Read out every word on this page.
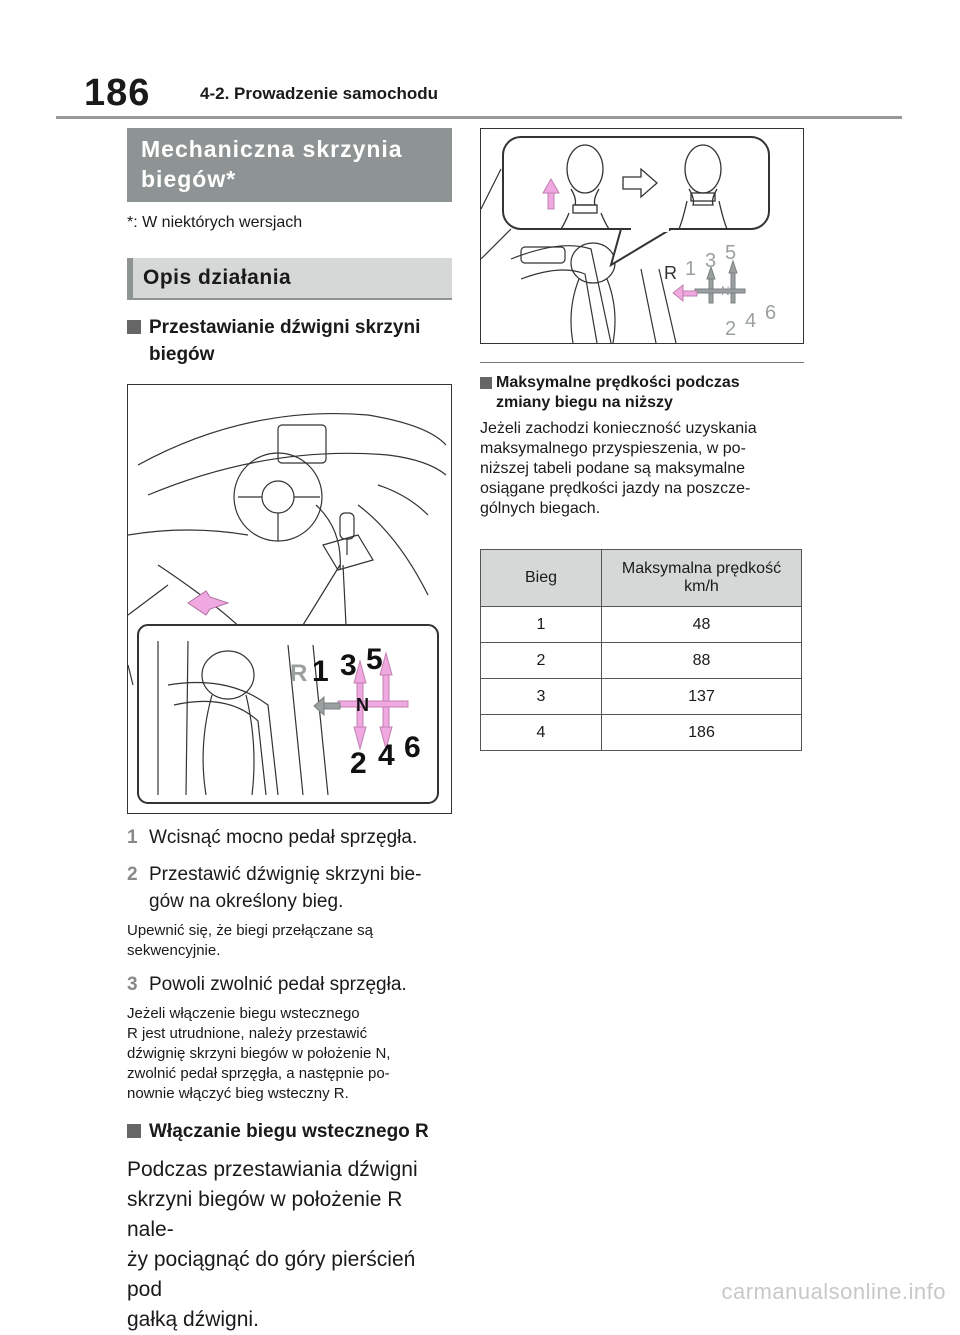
186	4-2. Prowadzenie samochodu
Mechaniczna skrzynia
biegów*
*: W niektórych wersjach
Opis działania
Przestawianie dźwigni skrzyni
biegów
R 1 3 5
N
2 4 6
1 Wcisnąć mocno pedał sprzęgła.
2 Przestawić dźwignię skrzyni bie-
gów na określony bieg.
Upewnić się, że biegi przełączane są
sekwencyjnie.
3 Powoli zwolnić pedał sprzęgła.
Jeżeli włączenie biegu wstecznego
R jest utrudnione, należy przestawić
dźwignię skrzyni biegów w położenie N,
zwolnić pedał sprzęgła, a następnie po-
nownie włączyć bieg wsteczny R.
Włączanie biegu wstecznego R
Podczas przestawiania dźwigni
skrzyni biegów w położenie R nale-
ży pociągnąć do góry pierścień pod
gałką dźwigni.
R 1 3 5
N
2 4 6
Maksymalne prędkości podczas
zmiany biegu na niższy
Jeżeli zachodzi konieczność uzyskania
maksymalnego przyspieszenia, w po-
niższej tabeli podane są maksymalne
osiągane prędkości jazdy na poszcze-
gólnych biegach.
Bieg	Maksymalna prędkość
km/h

1	48
2	88
3	137
4	186
carmanualsonline.info
